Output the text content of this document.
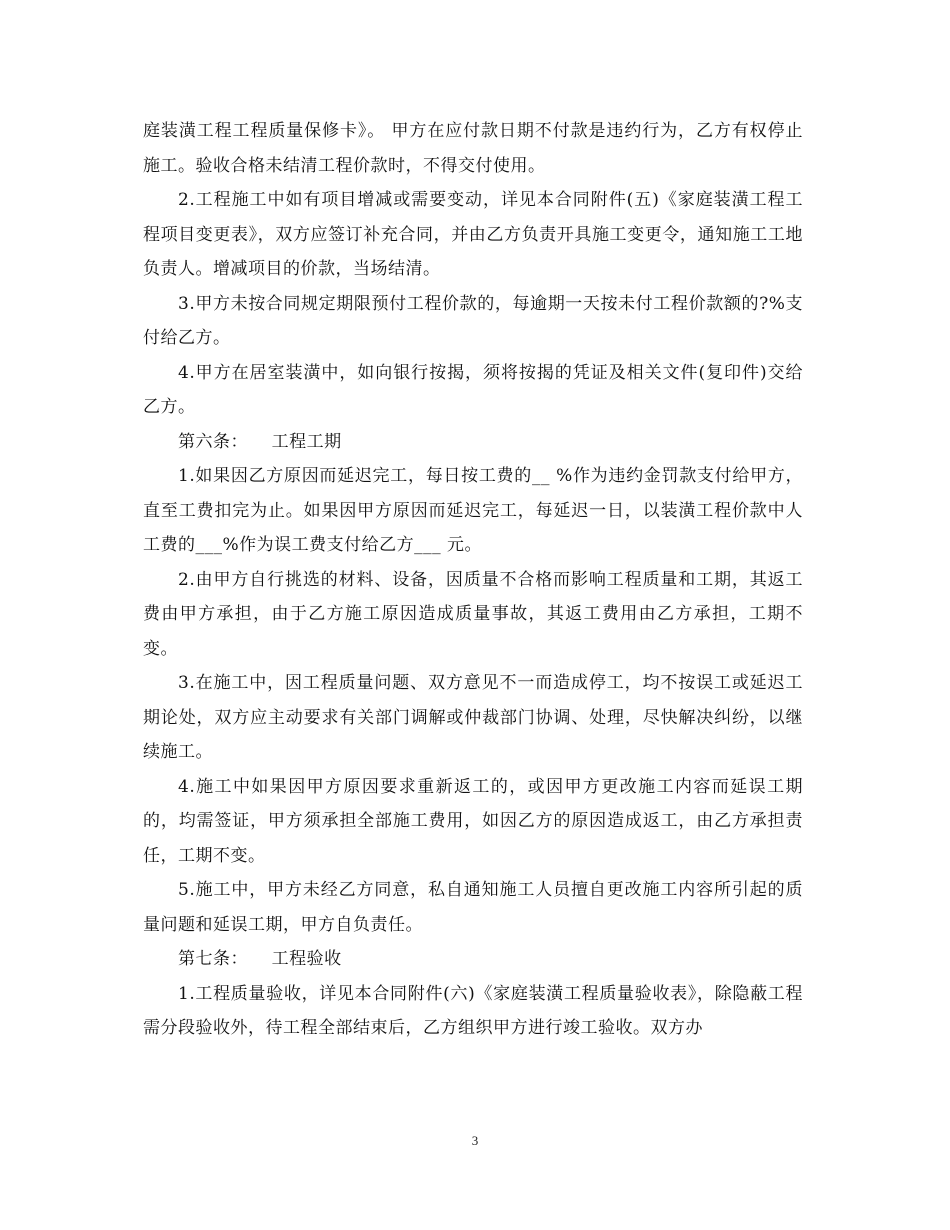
庭装潢工程工程质量保修卡》。 甲方在应付款日期不付款是违约行为，乙方有权停止施工。验收合格未结清工程价款时，不得交付使用。

2.工程施工中如有项目增减或需要变动，详见本合同附件(五)《家庭装潢工程工程项目变更表》，双方应签订补充合同，并由乙方负责开具施工变更令，通知施工工地负责人。增减项目的价款，当场结清。

3.甲方未按合同规定期限预付工程价款的，每逾期一天按未付工程价款额的?%支付给乙方。

4.甲方在居室装潢中，如向银行按揭，须将按揭的凭证及相关文件(复印件)交给乙方。

第六条：    工程工期

1.如果因乙方原因而延迟完工，每日按工费的__ %作为违约金罚款支付给甲方，直至工费扣完为止。如果因甲方原因而延迟完工，每延迟一日，以装潢工程价款中人工费的___%作为误工费支付给乙方___ 元。

2.由甲方自行挑选的材料、设备，因质量不合格而影响工程质量和工期，其返工费由甲方承担，由于乙方施工原因造成质量事故，其返工费用由乙方承担，工期不变。

3.在施工中，因工程质量问题、双方意见不一而造成停工，均不按误工或延迟工期论处，双方应主动要求有关部门调解或仲裁部门协调、处理，尽快解决纠纷，以继续施工。

4.施工中如果因甲方原因要求重新返工的，或因甲方更改施工内容而延误工期的，均需签证，甲方须承担全部施工费用，如因乙方的原因造成返工，由乙方承担责任，工期不变。

5.施工中，甲方未经乙方同意，私自通知施工人员擅自更改施工内容所引起的质量问题和延误工期，甲方自负责任。

第七条：    工程验收

1.工程质量验收，详见本合同附件(六)《家庭装潢工程质量验收表》，除隐蔽工程需分段验收外，待工程全部结束后，乙方组织甲方进行竣工验收。双方办

3
